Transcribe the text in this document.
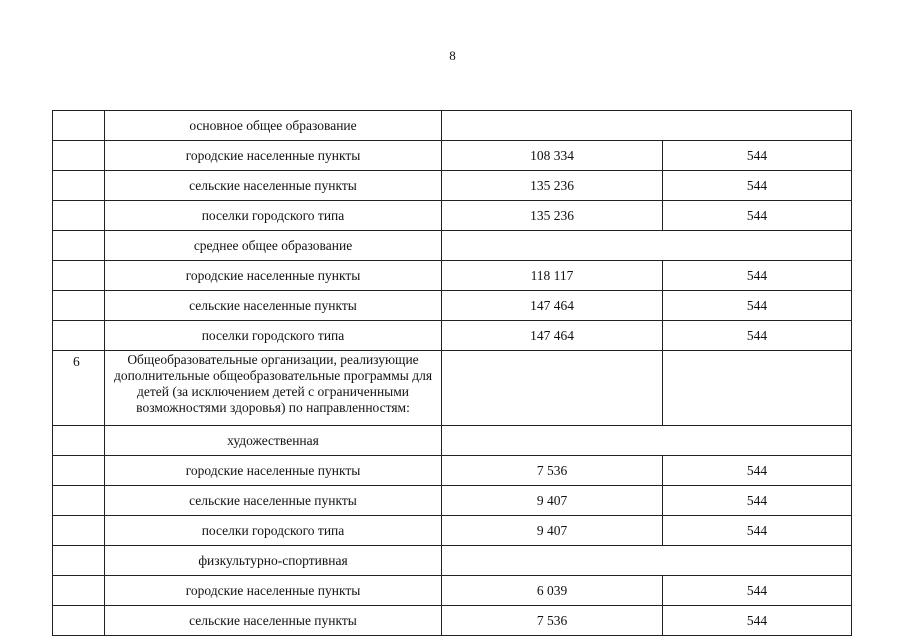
8
	основное общее образование		
	городские населенные пункты	108 334	544
	сельские населенные пункты	135 236	544
	поселки городского типа	135 236	544
	среднее общее образование		
	городские населенные пункты	118 117	544
	сельские населенные пункты	147 464	544
	поселки городского типа	147 464	544
6	Общеобразовательные организации, реализующие дополнительные общеобразовательные программы для детей (за исключением детей с ограниченными возможностями здоровья) по направленностям:		
	художественная		
	городские населенные пункты	7 536	544
	сельские населенные пункты	9 407	544
	поселки городского типа	9 407	544
	физкультурно-спортивная		
	городские населенные пункты	6 039	544
	сельские населенные пункты	7 536	544
